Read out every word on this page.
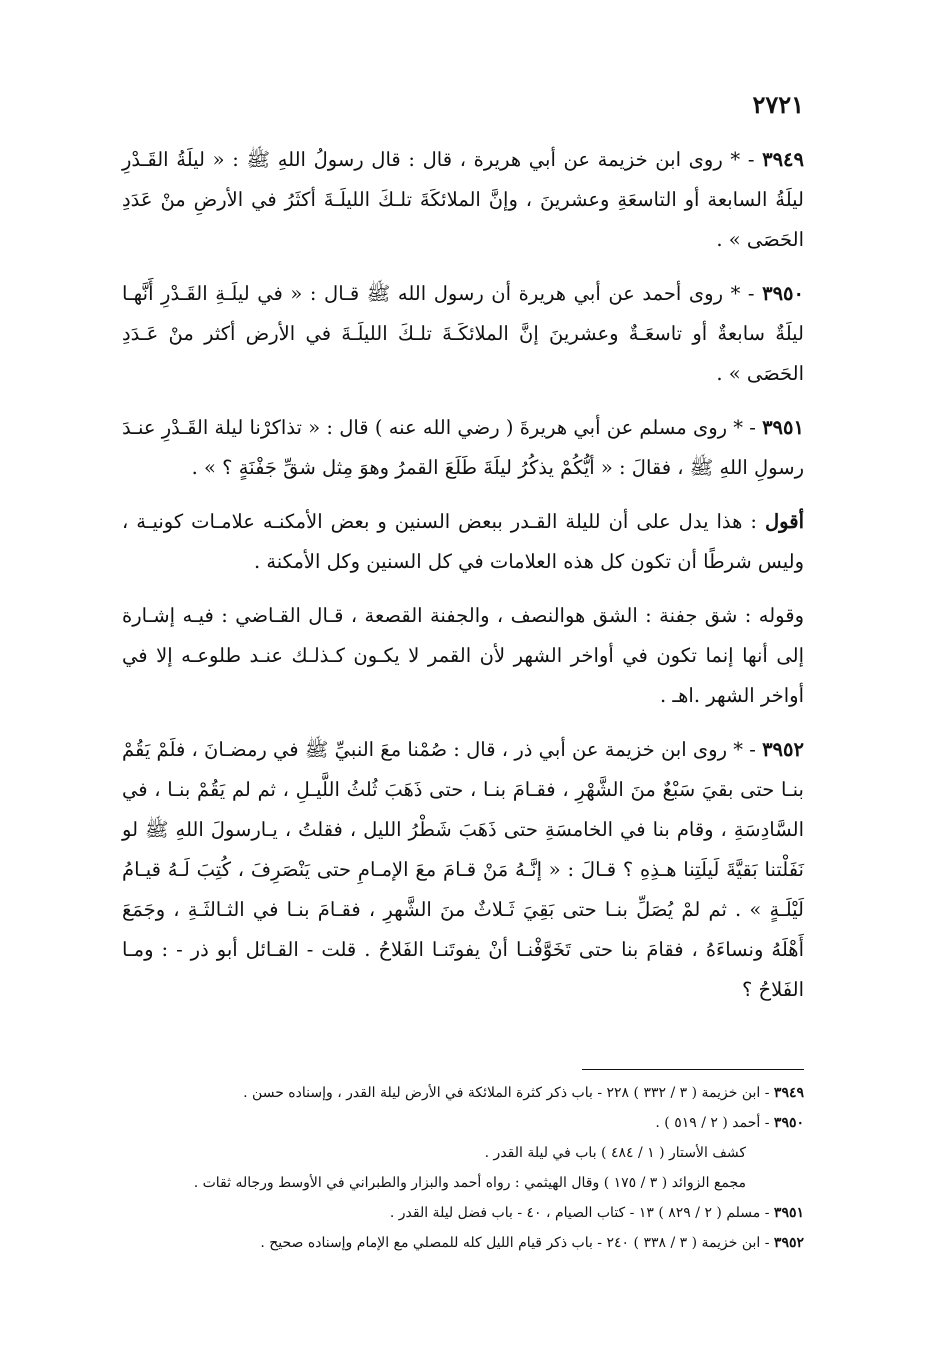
٢٧٢١

٣٩٤٩ - * روى ابن خزيمة عن أبي هريرة ، قال : قال رسولُ اللهِ ﷺ : « ليلَةُ القَـدْرِ ليلَةُ السابعة أو التاسعَةِ وعشرينَ ، وإنَّ الملائكَةَ تلـكَ الليلَـةَ أكثَرُ في الأرضِ منْ عَدَدِ الحَصَى » .

٣٩٥٠ - * روى أحمد عن أبي هريرة أن رسول الله ﷺ قـال : « في ليلَـةِ القَـدْرِ أَنَّهـا ليلَةٌ سابعةٌ أو تاسعَـةٌ وعشرينَ إنَّ الملائكَـةَ تلـكَ الليلَـةَ في الأرض أكثر منْ عَـدَدِ الحَصَى » .

٣٩٥١ - * روى مسلم عن أبي هريرةَ ( رضي الله عنه ) قال : « تذاكرْنا ليلة القَـدْرِ عنـدَ رسولِ اللهِ ﷺ ، فقالَ : « أيُّكُمْ يذكُرُ ليلَةَ طَلَعَ القمرُ وهوَ مِثل شقِّ جَفْنَةٍ ؟ » .

أقول : هذا يدل على أن لليلة القـدر ببعض السنين و بعض الأمكنـه علامـات كونيـة ، وليس شرطًا أن تكون كل هذه العلامات في كل السنين وكل الأمكنة .

وقوله : شق جفنة : الشق هوالنصف ، والجفنة القصعة ، قـال القـاضي : فيـه إشـارة إلى أنها إنما تكون في أواخر الشهر لأن القمر لا يكـون كـذلـك عنـد طلوعـه إلا في أواخر الشهر .اهـ .

٣٩٥٢ - * روى ابن خزيمة عن أبي ذر ، قال : صُمْنا معَ النبيِّ ﷺ في رمضـانَ ، فلَمْ يَقُمْ بنـا حتى بقيَ سَبْعٌ منَ الشَّهْرِ ، فقـامَ بنـا ، حتى ذَهَبَ ثُلثُ اللَّيـلِ ، ثم لم يَقُمْ بنـا ، في السَّادِسَةِ ، وقام بنا في الخامسَةِ حتى ذَهَبَ شَطْرُ الليل ، فقلتُ ، يـارسولَ اللهِ ﷺ لو نَفَلْتنا بَقيَّةَ لَيلَتِنا هـذِهِ ؟ قـالَ : « إنَّـهُ مَنْ قـامَ معَ الإمـامِ حتى يَنْصَرِفَ ، كُتِبَ لَـهُ قيـامُ لَيْلَـةٍ » . ثم لمْ يُصَلِّ بنـا حتى بَقِيَ ثَـلاثٌ منَ الشَّهرِ ، فقـامَ بنـا في الثـالثَـةِ ، وجَمَعَ أَهْلَهُ ونساءَهُ ، فقامَ بنا حتى تَخَوَّفْنـا أنْ يفوتَنـا الفَلاحُ . قلت - القـائل أبو ذر - : ومـا الفَلاحُ ؟

٣٩٤٩ - ابن خزيمة ( ٣ / ٣٣٢ ) ٢٢٨ - باب ذكر كثرة الملائكة في الأرض ليلة القدر ، وإسناده حسن .

٣٩٥٠ - أحمد ( ٢ / ٥١٩ ) .

كشف الأستار ( ١ / ٤٨٤ ) باب في ليلة القدر .

مجمع الزوائد ( ٣ / ١٧٥ ) وقال الهيثمي : رواه أحمد والبزار والطبراني في الأوسط ورجاله ثقات .

٣٩٥١ - مسلم ( ٢ / ٨٢٩ ) ١٣ - كتاب الصيام ، ٤٠ - باب فضل ليلة القدر .

٣٩٥٢ - ابن خزيمة ( ٣ / ٣٣٨ ) ٢٤٠ - باب ذكر قيام الليل كله للمصلي مع الإمام وإسناده صحيح .
